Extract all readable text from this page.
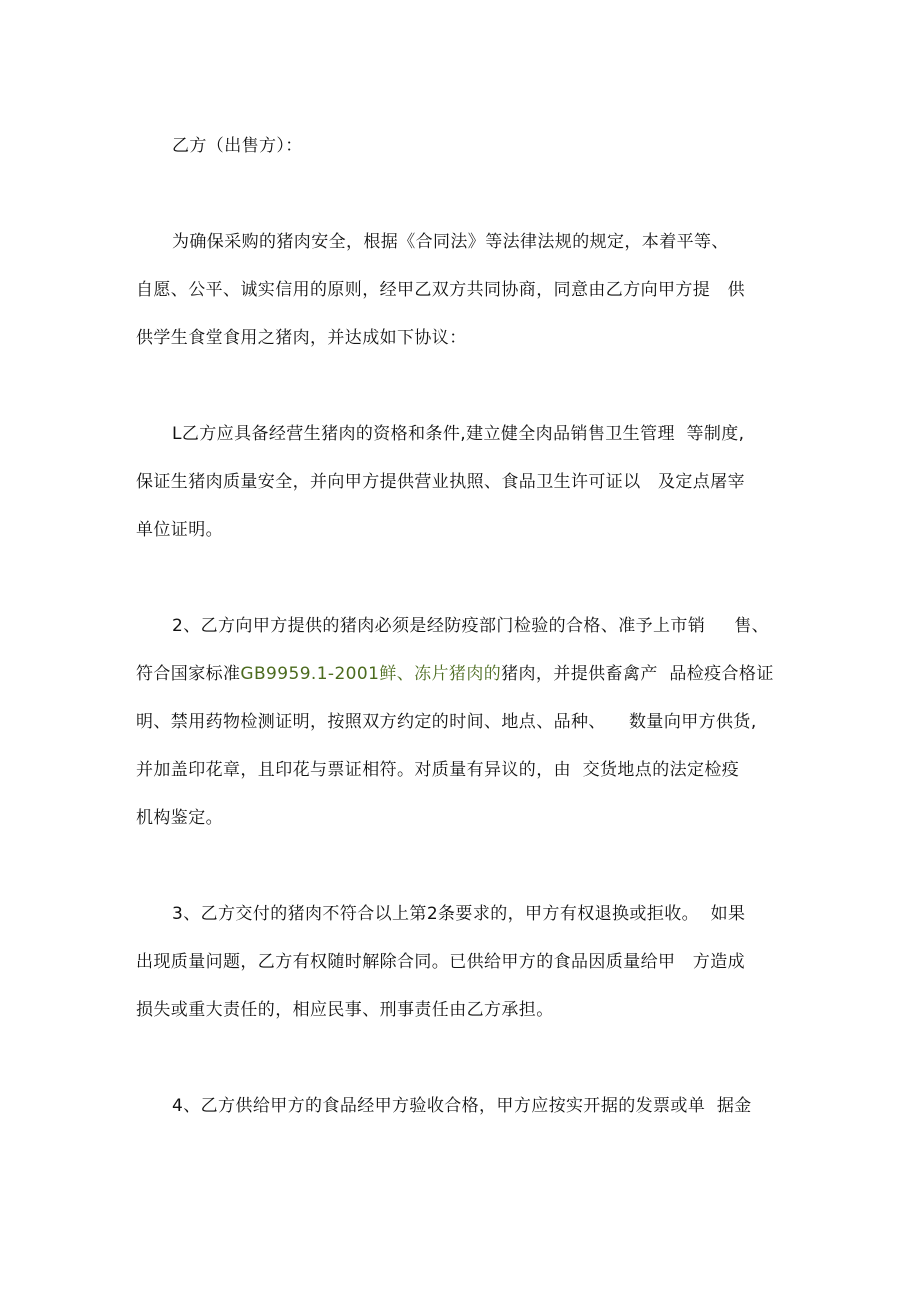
乙方（出售方）：
为确保采购的猪肉安全，根据《合同法》等法律法规的规定，本着平等、
自愿、公平、诚实信用的原则，经甲乙双方共同协商，同意由乙方向甲方提   供
供学生食堂食用之猪肉，并达成如下协议：
L乙方应具备经营生猪肉的资格和条件,建立健全肉品销售卫生管理  等制度,
保证生猪肉质量安全，并向甲方提供营业执照、食品卫生许可证以   及定点屠宰
单位证明。
2、乙方向甲方提供的猪肉必须是经防疫部门检验的合格、准予上市销     售、
符合国家标准GB9959.1-2001鲜、冻片猪肉的猪肉，并提供畜禽产  品检疫合格证
明、禁用药物检测证明，按照双方约定的时间、地点、品种、    数量向甲方供货,
并加盖印花章，且印花与票证相符。对质量有异议的，由  交货地点的法定检疫
机构鉴定。
3、乙方交付的猪肉不符合以上第2条要求的，甲方有权退换或拒收。  如果
出现质量问题，乙方有权随时解除合同。已供给甲方的食品因质量给甲   方造成
损失或重大责任的，相应民事、刑事责任由乙方承担。
4、乙方供给甲方的食品经甲方验收合格，甲方应按实开据的发票或单  据金
